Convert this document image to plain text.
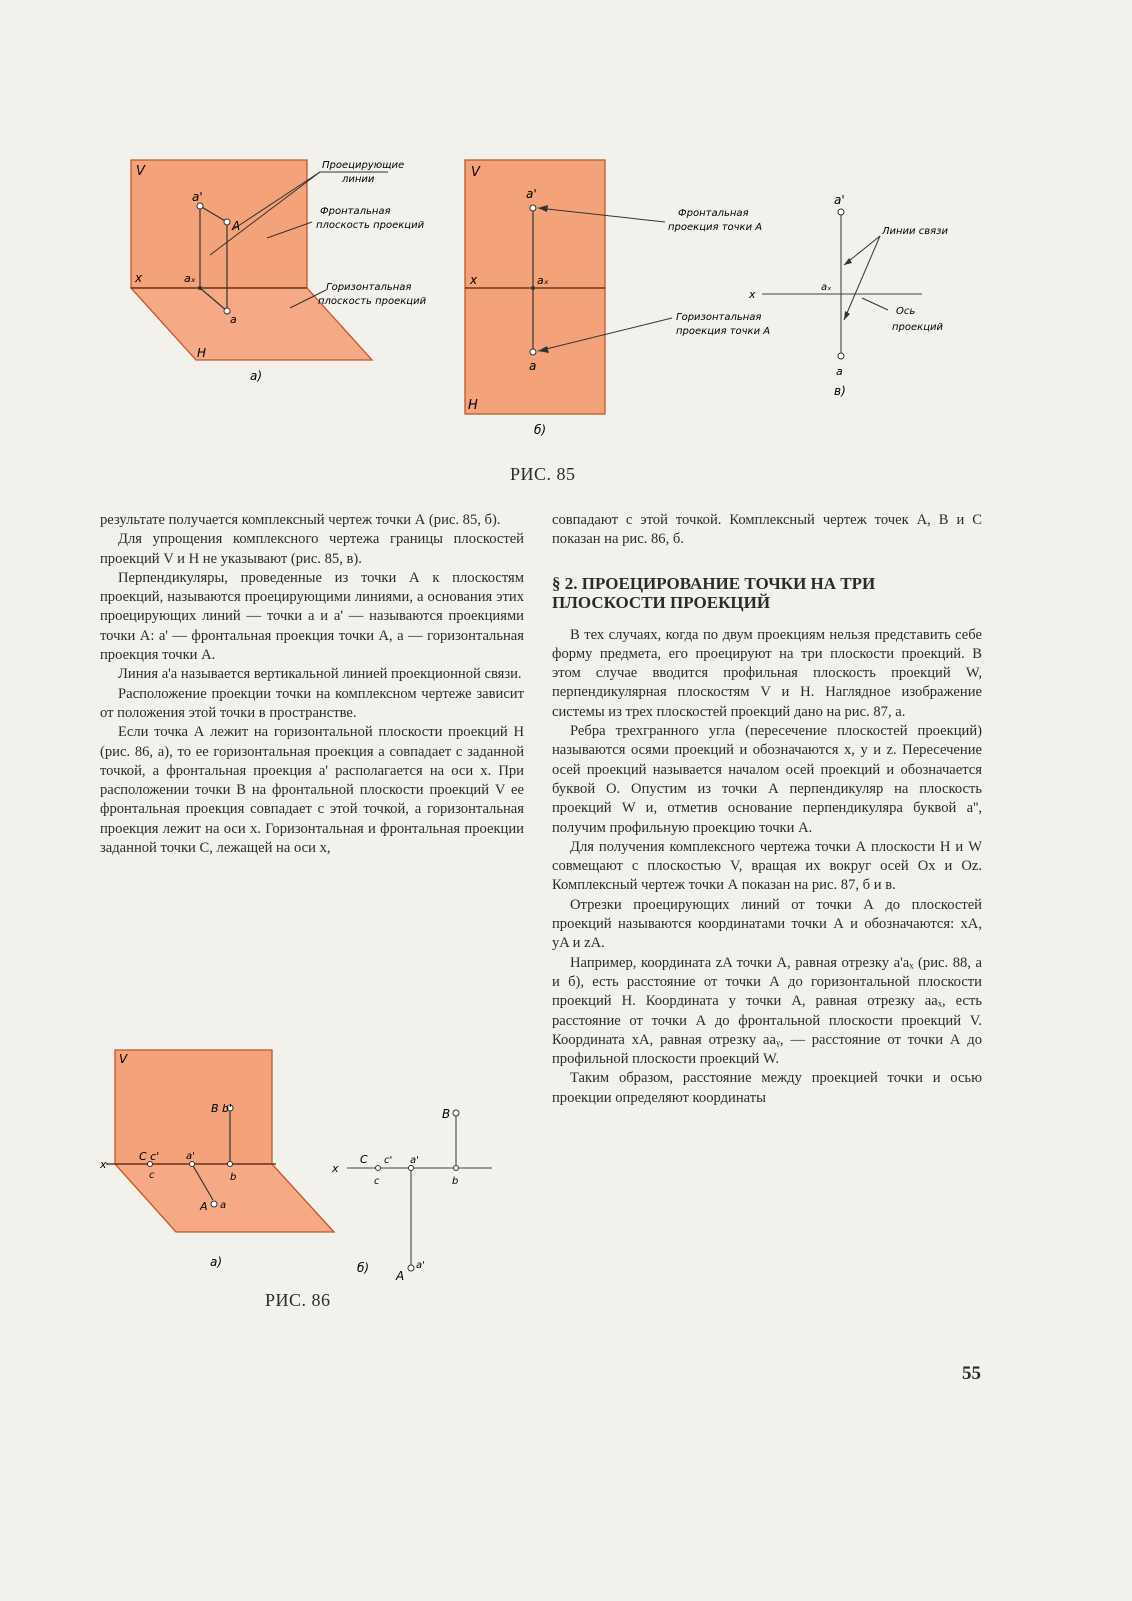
V
H
x
a'
A
aₓ
a
Проецирующие
линии
Фронтальная
плоскость проекций
Горизонтальная
плоскость проекций
а)
V
H
x
a'
aₓ
a
Фронтальная
проекция точки А
Горизонтальная
проекция точки А
б)
a'
x
aₓ
a
Линии связи
Ось
проекций
в)
V
x
B b'
C c'
c
a'
b
A a
а)
B
x
C c' a'
c	b
A
a'
б)
РИС. 85
РИС. 86

результате получается комплексный чертеж точки А (рис. 85, б).

Для упрощения комплексного чертежа границы плоскостей проекций V и H не указывают (рис. 85, в).

Перпендикуляры, проведенные из точки А к плоскостям проекций, называются проецирующими линиями, а основания этих проецирующих линий — точки a и a' — называются проекциями точки А: a' — фронтальная проекция точки А, a — горизонтальная проекция точки А.

Линия a'a называется вертикальной линией проекционной связи.

Расположение проекции точки на комплексном чертеже зависит от положения этой точки в пространстве.

Если точка А лежит на горизонтальной плоскости проекций H (рис. 86, а), то ее горизонтальная проекция a совпадает с заданной точкой, а фронтальная проекция a' располагается на оси x. При расположении точки В на фронтальной плоскости проекций V ее фронтальная проекция совпадает с этой точкой, а горизонтальная проекция лежит на оси x. Горизонтальная и фронтальная проекции заданной точки С, лежащей на оси x,

совпадают с этой точкой. Комплексный чертеж точек А, В и С показан на рис. 86, б.

§ 2. ПРОЕЦИРОВАНИЕ ТОЧКИ НА ТРИ ПЛОСКОСТИ ПРОЕКЦИЙ

В тех случаях, когда по двум проекциям нельзя представить себе форму предмета, его проецируют на три плоскости проекций. В этом случае вводится профильная плоскость проекций W, перпендикулярная плоскостям V и H. Наглядное изображение системы из трех плоскостей проекций дано на рис. 87, а.

Ребра трехгранного угла (пересечение плоскостей проекций) называются осями проекций и обозначаются x, y и z. Пересечение осей проекций называется началом осей проекций и обозначается буквой O. Опустим из точки А перпендикуляр на плоскость проекций W и, отметив основание перпендикуляра буквой a'', получим профильную проекцию точки А.

Для получения комплексного чертежа точки А плоскости H и W совмещают с плоскостью V, вращая их вокруг осей Ox и Oz. Комплексный чертеж точки А показан на рис. 87, б и в.

Отрезки проецирующих линий от точки А до плоскостей проекций называются координатами точки А и обозначаются: xA, yA и zA.

Например, координата zA точки А, равная отрезку a'aₓ (рис. 88, а и б), есть расстояние от точки А до горизонтальной плоскости проекций H. Координата y точки А, равная отрезку aaₓ, есть расстояние от точки А до фронтальной плоскости проекций V. Координата xA, равная отрезку aaᵧ, — расстояние от точки А до профильной плоскости проекций W.

Таким образом, расстояние между проекцией точки и осью проекции определяют координаты

55
